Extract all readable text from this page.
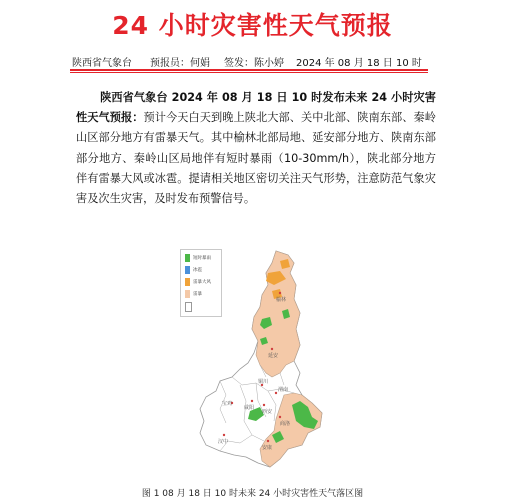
24 小时灾害性天气预报
陕西省气象台	预报员：何娟	签发：陈小婷	2024 年 08 月 18 日 10 时
陕西省气象台 2024 年 08 月 18 日 10 时发布未来 24 小时灾害性天气预报：预计今天白天到晚上陕北大部、关中北部、陕南东部、秦岭山区部分地方有雷暴天气。其中榆林北部局地、延安部分地方、陕南东部部分地方、秦岭山区局地伴有短时暴雨（10-30mm/h），陕北部分地方伴有雷暴大风或冰雹。提请相关地区密切关注天气形势，注意防范气象灾害及次生灾害，及时发布预警信号。
榆林
延安
铜川
渭南
宝鸡
咸阳
西安
商洛
汉中
安康
短时暴雨
冰雹
雷暴大风
雷暴
图 1 08 月 18 日 10 时未来 24 小时灾害性天气落区图
